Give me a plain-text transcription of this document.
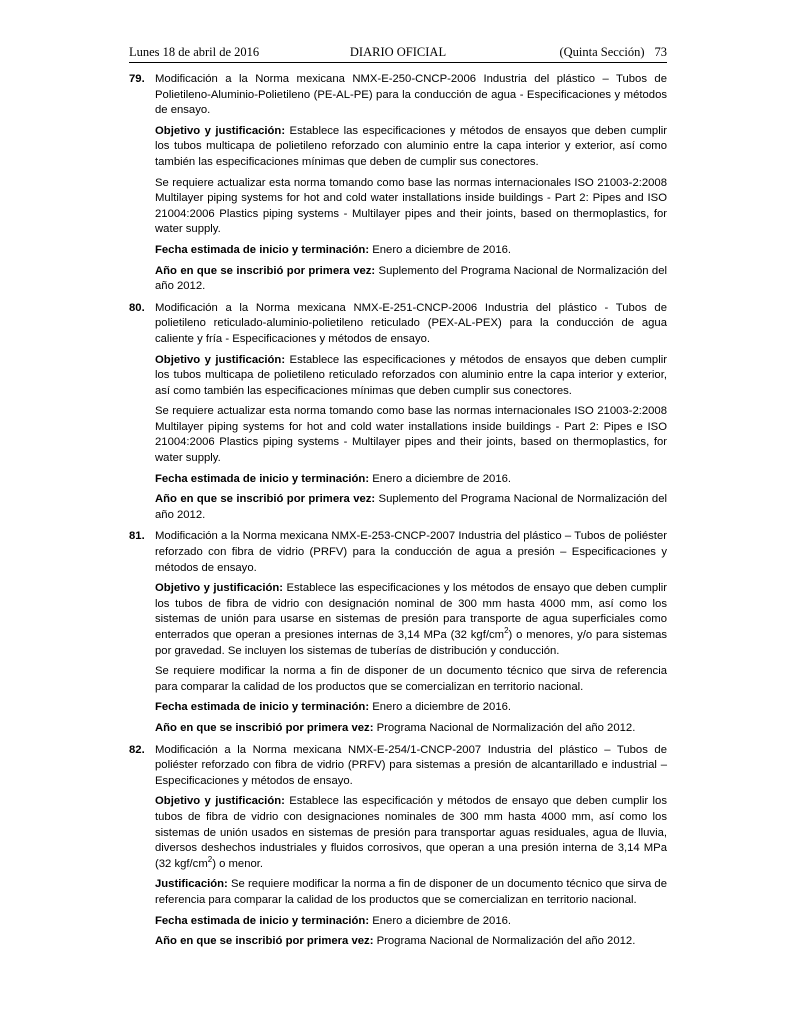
Lunes 18 de abril de 2016	DIARIO OFICIAL	(Quinta Sección) 73
79. Modificación a la Norma mexicana NMX-E-250-CNCP-2006 Industria del plástico – Tubos de Polietileno-Aluminio-Polietileno (PE-AL-PE) para la conducción de agua - Especificaciones y métodos de ensayo.

Objetivo y justificación: Establece las especificaciones y métodos de ensayos que deben cumplir los tubos multicapa de polietileno reforzado con aluminio entre la capa interior y exterior, así como también las especificaciones mínimas que deben de cumplir sus conectores.

Se requiere actualizar esta norma tomando como base las normas internacionales ISO 21003-2:2008 Multilayer piping systems for hot and cold water installations inside buildings - Part 2: Pipes and ISO 21004:2006 Plastics piping systems - Multilayer pipes and their joints, based on thermoplastics, for water supply.

Fecha estimada de inicio y terminación: Enero a diciembre de 2016.

Año en que se inscribió por primera vez: Suplemento del Programa Nacional de Normalización del año 2012.

80. Modificación a la Norma mexicana NMX-E-251-CNCP-2006 Industria del plástico - Tubos de polietileno reticulado-aluminio-polietileno reticulado (PEX-AL-PEX) para la conducción de agua caliente y fría - Especificaciones y métodos de ensayo.

Objetivo y justificación: Establece las especificaciones y métodos de ensayos que deben cumplir los tubos multicapa de polietileno reticulado reforzados con aluminio entre la capa interior y exterior, así como también las especificaciones mínimas que deben cumplir sus conectores.

Se requiere actualizar esta norma tomando como base las normas internacionales ISO 21003-2:2008 Multilayer piping systems for hot and cold water installations inside buildings - Part 2: Pipes e ISO 21004:2006 Plastics piping systems - Multilayer pipes and their joints, based on thermoplastics, for water supply.

Fecha estimada de inicio y terminación: Enero a diciembre de 2016.

Año en que se inscribió por primera vez: Suplemento del Programa Nacional de Normalización del año 2012.

81. Modificación a la Norma mexicana NMX-E-253-CNCP-2007 Industria del plástico – Tubos de poliéster reforzado con fibra de vidrio (PRFV) para la conducción de agua a presión – Especificaciones y métodos de ensayo.

Objetivo y justificación: Establece las especificaciones y los métodos de ensayo que deben cumplir los tubos de fibra de vidrio con designación nominal de 300 mm hasta 4000 mm, así como los sistemas de unión para usarse en sistemas de presión para transporte de agua superficiales como enterrados que operan a presiones internas de 3,14 MPa (32 kgf/$cm^2$) o menores, y/o para sistemas por gravedad. Se incluyen los sistemas de tuberías de distribución y conducción.

Se requiere modificar la norma a fin de disponer de un documento técnico que sirva de referencia para comparar la calidad de los productos que se comercializan en territorio nacional.

Fecha estimada de inicio y terminación: Enero a diciembre de 2016.

Año en que se inscribió por primera vez: Programa Nacional de Normalización del año 2012.

82. Modificación a la Norma mexicana NMX-E-254/1-CNCP-2007 Industria del plástico – Tubos de poliéster reforzado con fibra de vidrio (PRFV) para sistemas a presión de alcantarillado e industrial – Especificaciones y métodos de ensayo.

Objetivo y justificación: Establece las especificación y métodos de ensayo que deben cumplir los tubos de fibra de vidrio con designaciones nominales de 300 mm hasta 4000 mm, así como los sistemas de unión usados en sistemas de presión para transportar aguas residuales, agua de lluvia, diversos deshechos industriales y fluidos corrosivos, que operan a una presión interna de 3,14 MPa (32 kgf/$cm^2$) o menor.

Justificación: Se requiere modificar la norma a fin de disponer de un documento técnico que sirva de referencia para comparar la calidad de los productos que se comercializan en territorio nacional.

Fecha estimada de inicio y terminación: Enero a diciembre de 2016.

Año en que se inscribió por primera vez: Programa Nacional de Normalización del año 2012.
